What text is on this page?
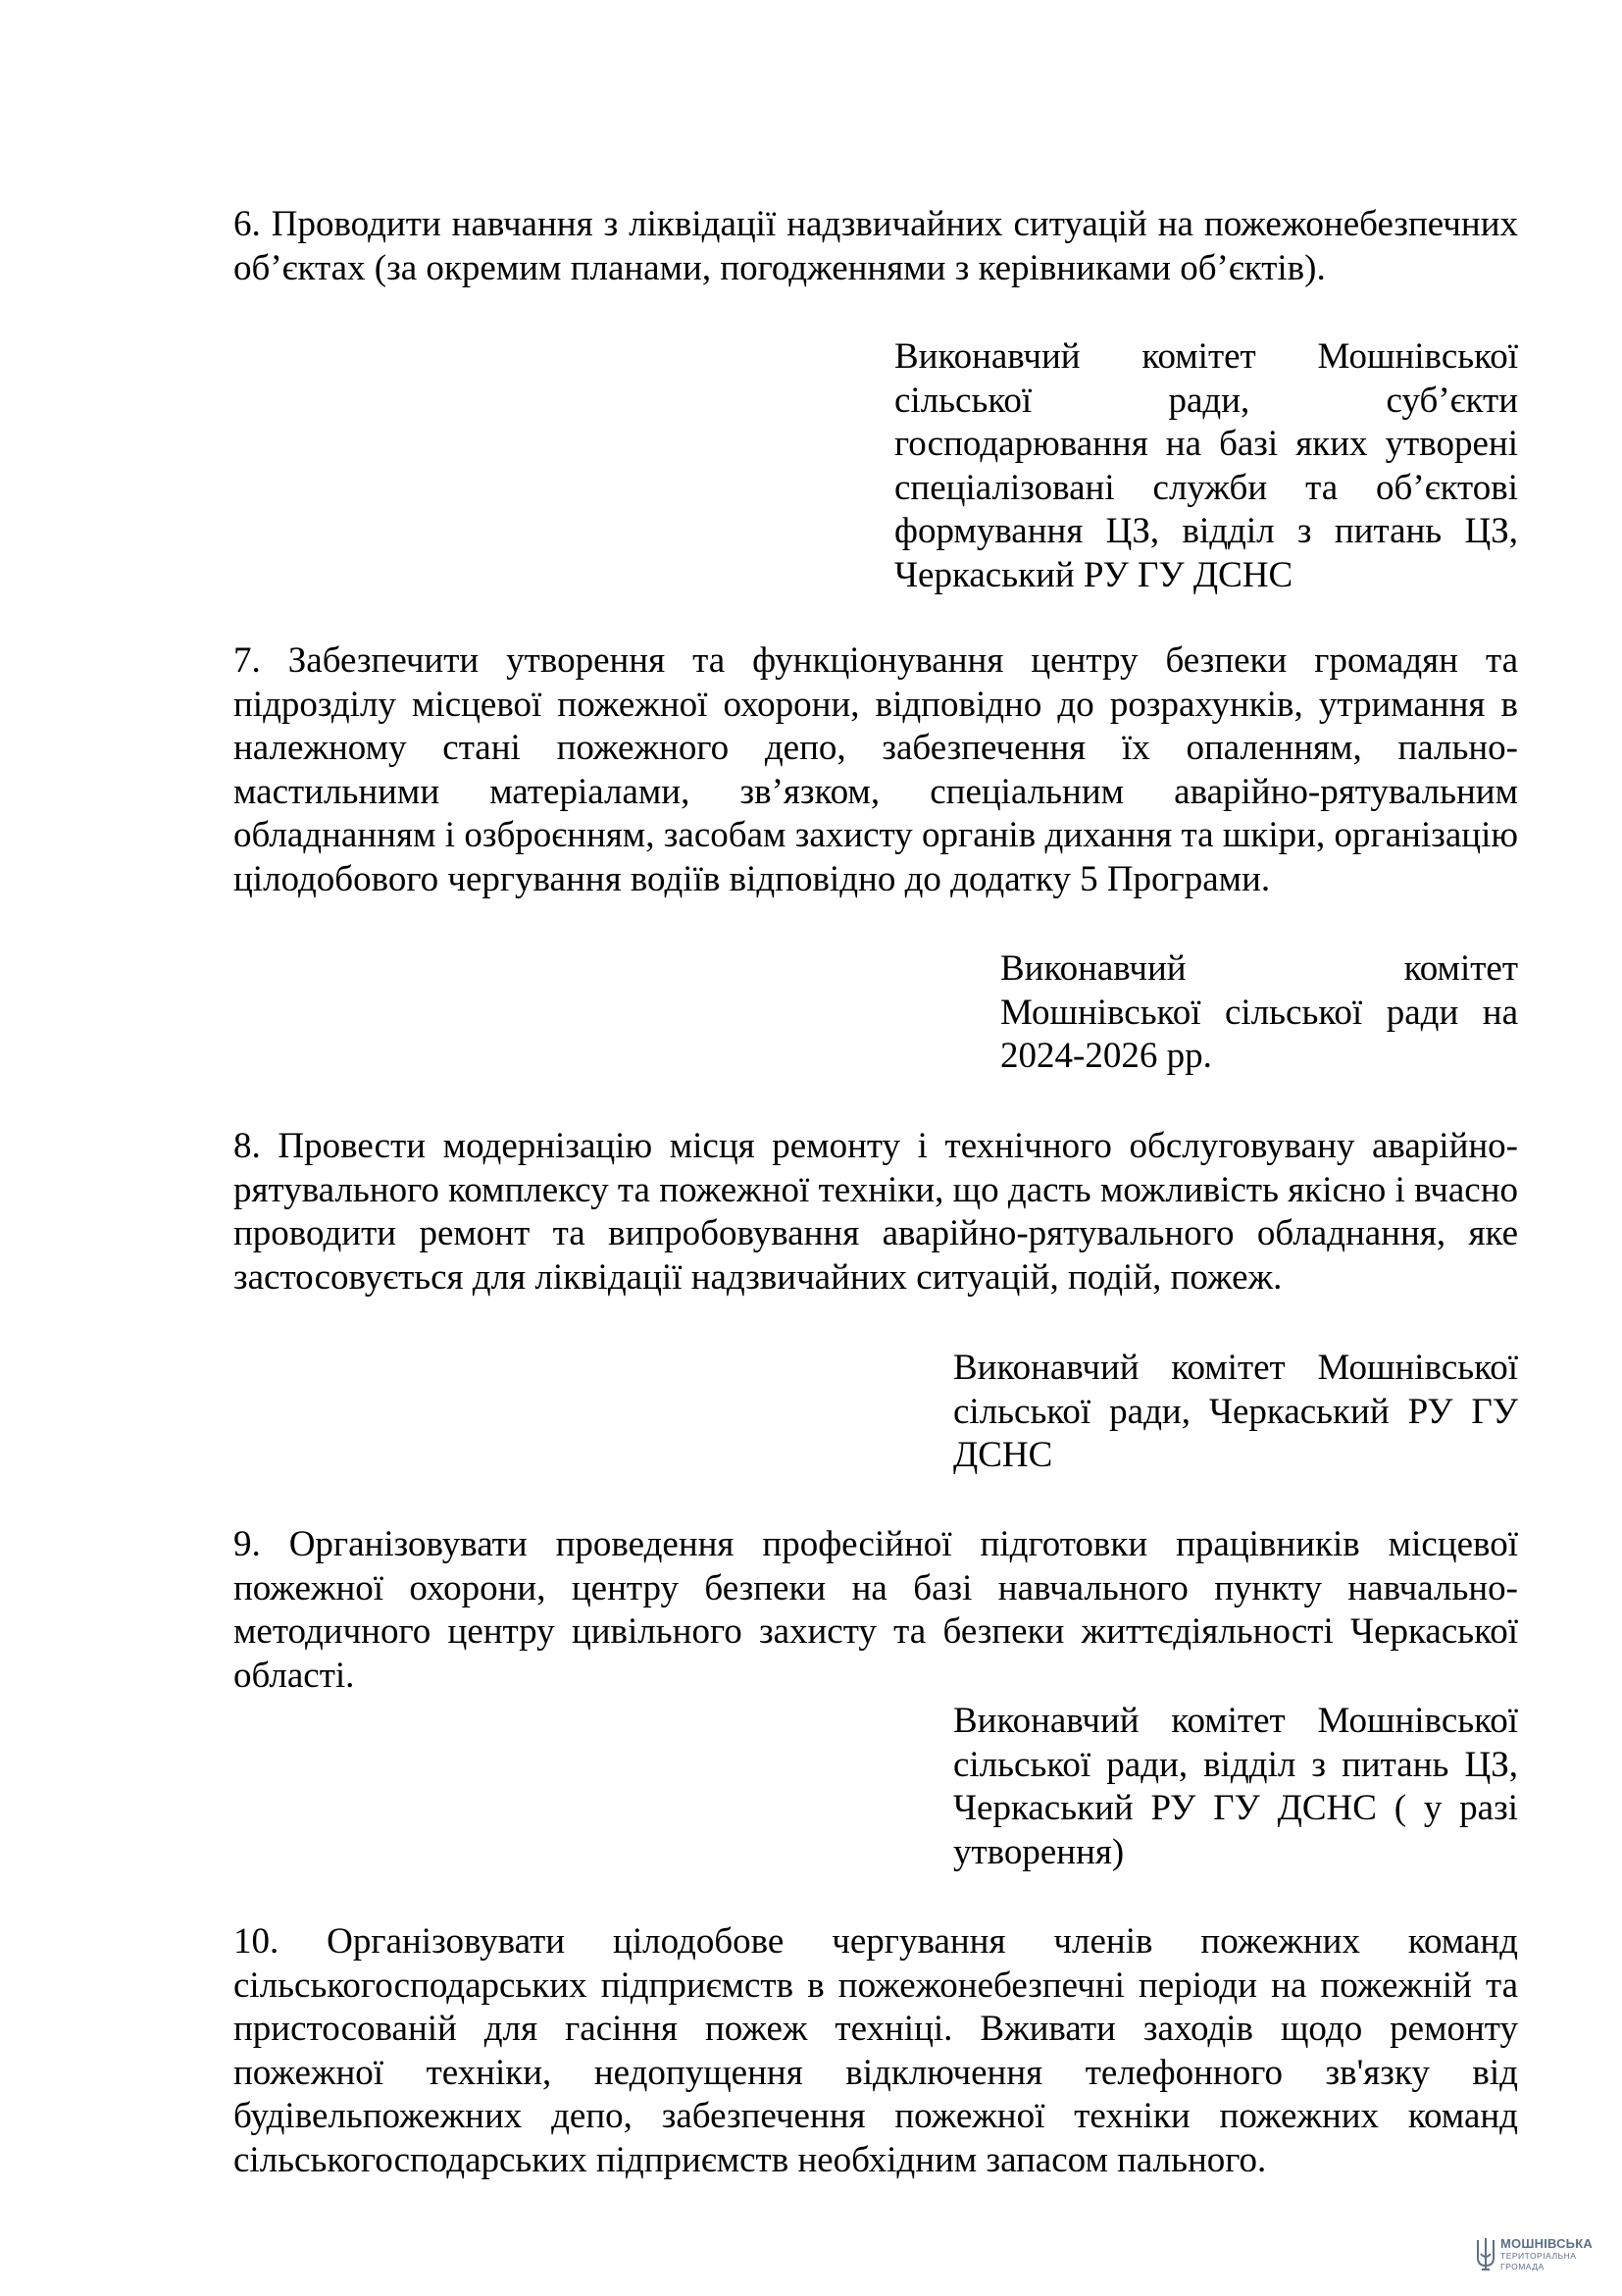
6. Проводити навчання з ліквідації надзвичайних ситуацій на пожежонебезпечних об’єктах (за окремим планами, погодженнями з керівниками об’єктів).
Виконавчий комітет Мошнівської сільської ради, суб’єкти господарювання на базі яких утворені спеціалізовані служби та об’єктові формування ЦЗ, відділ з питань ЦЗ, Черкаський РУ ГУ ДСНС
7. Забезпечити утворення та функціонування центру безпеки громадян та підрозділу місцевої пожежної охорони, відповідно до розрахунків, утримання в належному стані пожежного депо, забезпечення їх опаленням, пально-мастильними матеріалами, зв’язком, спеціальним аварійно-рятувальним обладнанням і озброєнням, засобам захисту органів дихання та шкіри, організацію цілодобового чергування водіїв відповідно до додатку 5 Програми.
Виконавчий комітет Мошнівської сільської ради на 2024-2026 рр.
8. Провести модернізацію місця ремонту і технічного обслуговувану аварійно- рятувального комплексу та пожежної техніки, що дасть можливість якісно і вчасно проводити ремонт та випробовування аварійно-рятувального обладнання, яке застосовується для ліквідації надзвичайних ситуацій, подій, пожеж.
Виконавчий комітет Мошнівської сільської ради, Черкаський РУ ГУ ДСНС
9. Організовувати проведення професійної підготовки працівників місцевої пожежної охорони, центру безпеки на базі навчального пункту навчально-методичного центру цивільного захисту та безпеки життєдіяльності Черкаської області.
Виконавчий комітет Мошнівської сільської ради, відділ з питань ЦЗ, Черкаський РУ ГУ ДСНС ( у разі утворення)
10. Організовувати цілодобове чергування членів пожежних команд сільськогосподарських підприємств в пожежонебезпечні періоди на пожежній та пристосованій для гасіння пожеж техніці. Вживати заходів щодо ремонту пожежної техніки, недопущення відключення телефонного зв'язку від будівельпожежних депо, забезпечення пожежної техніки пожежних команд сільськогосподарських підприємств необхідним запасом пального.
МОШНІВСЬКА
ТЕРИТОРІАЛЬНА
ГРОМАДА
